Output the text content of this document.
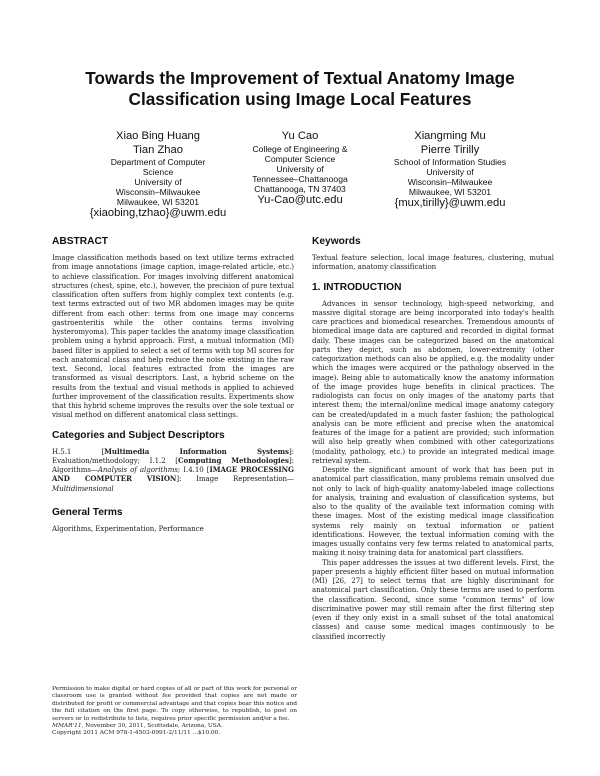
Towards the Improvement of Textual Anatomy Image
Classification using Image Local Features
Xiao Bing Huang
Tian Zhao
Department of Computer
Science
University of
Wisconsin–Milwaukee
Milwaukee, WI 53201
{xiaobing,tzhao}@uwm.edu
Yu Cao
College of Engineering &
Computer Science
University of
Tennessee–Chattanooga
Chattanooga, TN 37403
Yu-Cao@utc.edu
Xiangming Mu
Pierre Tirilly
School of Information Studies
University of
Wisconsin–Milwaukee
Milwaukee, WI 53201
{mux,tirilly}@uwm.edu
ABSTRACT

Image classification methods based on text utilize terms extracted from image annotations (image caption, image-related article, etc.) to achieve classification. For images involving different anatomical structures (chest, spine, etc.), however, the precision of pure textual classification often suffers from highly complex text contents (e.g. text terms extracted out of two MR abdomen images may be quite different from each other: terms from one image may concerns gastroenteritis while the other contains terms involving hysteromyoma). This paper tackles the anatomy image classification problem using a hybrid approach. First, a mutual information (MI) based filter is applied to select a set of terms with top MI scores for each anatomical class and help reduce the noise existing in the raw text. Second, local features extracted from the images are transformed as visual descriptors. Last, a hybrid scheme on the results from the textual and visual methods is applied to achieved further improvement of the classification results. Experiments show that this hybrid scheme improves the results over the sole textual or visual method on different anatomical class settings.

Categories and Subject Descriptors

H.5.1 [Multimedia Information Systems]: Evaluation/methodology; I.1.2 [Computing Methodologies]: Algorithms—Analysis of algorithms; I.4.10 [IMAGE PROCESSING AND COMPUTER VISION]: Image Representation—Multidimensional

General Terms

Algorithms, Experimentation, Performance

Permission to make digital or hard copies of all or part of this work for personal or classroom use is granted without fee provided that copies are not made or distributed for profit or commercial advantage and that copies bear this notice and the full citation on the first page. To copy otherwise, to republish, to post on servers or to redistribute to lists, requires prior specific permission and/or a fee.

MMAR'11, November 30, 2011, Scottsdale, Arizona, USA.

Copyright 2011 ACM 978-1-4503-0991-2/11/11 ...$10.00.

Keywords

Textual feature selection, local image features, clustering, mutual information, anatomy classification

1. INTRODUCTION

Advances in sensor technology, high-speed networking, and massive digital storage are being incorporated into today's health care practices and biomedical researches. Tremendous amounts of biomedical image data are captured and recorded in digital format daily. These images can be categorized based on the anatomical parts they depict, such as abdomen, lower-extremity (other categorization methods can also be applied, e.g. the modality under which the images were acquired or the pathology observed in the image). Being able to automatically know the anatomy information of the image provides huge benefits in clinical practices. The radiologists can focus on only images of the anatomy parts that interest them; the internal/online medical image anatomy category can be created/updated in a much faster fashion; the pathological analysis can be more efficient and precise when the anatomical features of the image for a patient are provided; such information will also help greatly when combined with other categorizations (modality, pathology, etc.) to provide an integrated medical image retrieval system.

Despite the significant amount of work that has been put in anatomical part classification, many problems remain unsolved due not only to lack of high-quality anatomy-labeled image collections for analysis, training and evaluation of classification systems, but also to the quality of the available text information coming with these images. Most of the existing medical image classification systems rely mainly on textual information or patient identifications. However, the textual information coming with the images usually contains very few terms related to anatomical parts, making it noisy training data for anatomical part classifiers.

This paper addresses the issues at two different levels. First, the paper presents a highly efficient filter based on mutual information (MI) [26, 27] to select terms that are highly discriminant for anatomical part classification. Only these terms are used to perform the classification. Second, since some "common terms" of low discriminative power may still remain after the first filtering step (even if they only exist in a small subset of the total anatomical classes) and cause some medical images continuously to be classified incorrectly
